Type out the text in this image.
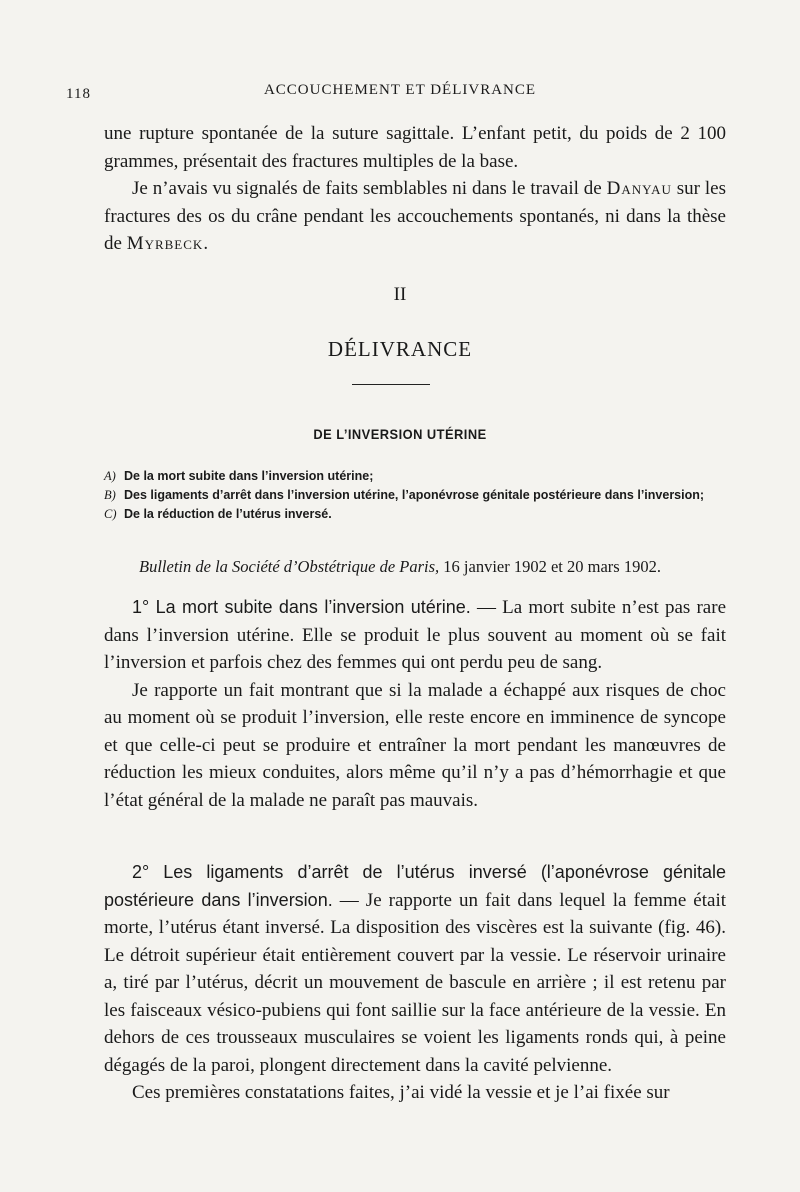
118	ACCOUCHEMENT ET DÉLIVRANCE

une rupture spontanée de la suture sagittale. L’enfant petit, du poids de 2 100 grammes, présentait des fractures multiples de la base.

Je n’avais vu signalés de faits semblables ni dans le travail de Danyau sur les fractures des os du crâne pendant les accouchements spontanés, ni dans la thèse de Myrbeck.

II
DÉLIVRANCE
DE L’INVERSION UTÉRINE
A) De la mort subite dans l’inversion utérine;
B) Des ligaments d’arrêt dans l’inversion utérine, l’aponévrose génitale postérieure dans l’inversion;
C) De la réduction de l’utérus inversé.
Bulletin de la Société d’Obstétrique de Paris, 16 janvier 1902 et 20 mars 1902.

1° La mort subite dans l’inversion utérine. — La mort subite n’est pas rare dans l’inversion utérine. Elle se produit le plus souvent au moment où se fait l’inversion et parfois chez des femmes qui ont perdu peu de sang.

Je rapporte un fait montrant que si la malade a échappé aux risques de choc au moment où se produit l’inversion, elle reste encore en imminence de syncope et que celle-ci peut se produire et entraîner la mort pendant les manœuvres de réduction les mieux conduites, alors même qu’il n’y a pas d’hémorrhagie et que l’état général de la malade ne paraît pas mauvais.

2° Les ligaments d’arrêt de l’utérus inversé (l’aponévrose génitale postérieure dans l’inversion. — Je rapporte un fait dans lequel la femme était morte, l’utérus étant inversé. La disposition des viscères est la suivante (fig. 46). Le détroit supérieur était entièrement couvert par la vessie. Le réservoir urinaire a, tiré par l’utérus, décrit un mouvement de bascule en arrière ; il est retenu par les faisceaux vésico-pubiens qui font saillie sur la face antérieure de la vessie. En dehors de ces trousseaux musculaires se voient les ligaments ronds qui, à peine dégagés de la paroi, plongent directement dans la cavité pelvienne.

Ces premières constatations faites, j’ai vidé la vessie et je l’ai fixée sur
